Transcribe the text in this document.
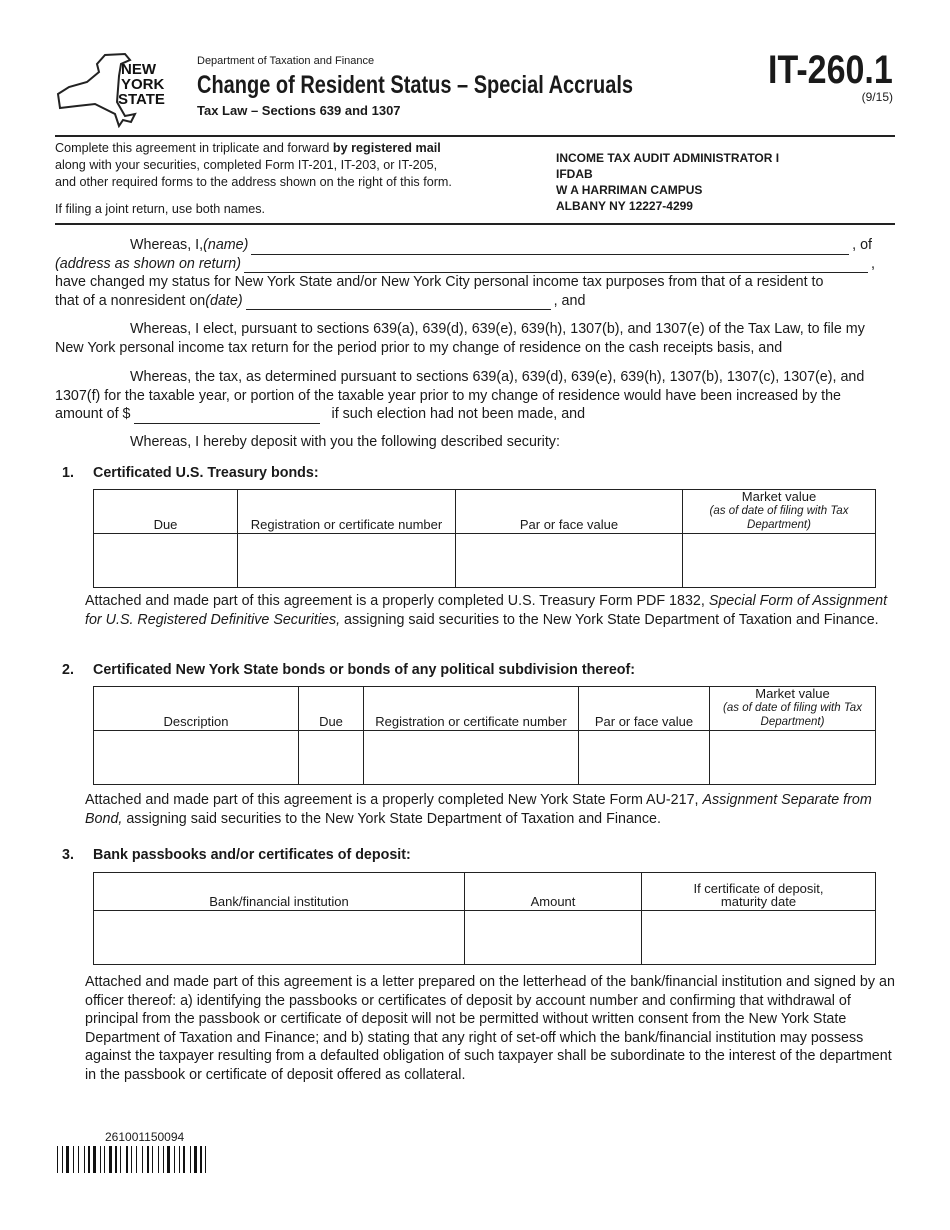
NEW
YORK
STATE
Department of Taxation and Finance
Change of Resident Status – Special Accruals
Tax Law – Sections 639 and 1307
IT-260.1
(9/15)
Complete this agreement in triplicate and forward by registered mail
along with your securities, completed Form IT-201, IT-203, or IT-205,
and other required forms to the address shown on the right of this form.
If filing a joint return, use both names.
INCOME TAX AUDIT ADMINISTRATOR I
IFDAB
W A HARRIMAN CAMPUS
ALBANY NY 12227-4299
Whereas, I, (name)	, of
(address as shown on return)	,
have changed my status for New York State and/or New York City personal income tax purposes from that of a resident to
that of a nonresident on (date)	, and
Whereas, I elect, pursuant to sections 639(a), 639(d), 639(e), 639(h), 1307(b), and 1307(e) of the Tax Law, to file my
New York personal income tax return for the period prior to my change of residence on the cash receipts basis, and
Whereas, the tax, as determined pursuant to sections 639(a), 639(d), 639(e), 639(h), 1307(b), 1307(c), 1307(e), and
1307(f) for the taxable year, or portion of the taxable year prior to my change of residence would have been increased by the
amount of $	if such election had not been made, and
Whereas, I hereby deposit with you the following described security:
1. Certificated U.S. Treasury bonds:
Due	Registration or certificate number	Par or face value	Market value
(as of date of filing with Tax Department)

Attached and made part of this agreement is a properly completed U.S. Treasury Form PDF 1832, Special Form of Assignment for U.S. Registered Definitive Securities, assigning said securities to the New York State Department of Taxation and Finance.
2. Certificated New York State bonds or bonds of any political subdivision thereof:
Description	Due	Registration or certificate number	Par or face value	Market value
(as of date of filing with Tax Department)

Attached and made part of this agreement is a properly completed New York State Form AU-217, Assignment Separate from Bond, assigning said securities to the New York State Department of Taxation and Finance.
3. Bank passbooks and/or certificates of deposit:
Bank/financial institution	Amount	If certificate of deposit, maturity date

Attached and made part of this agreement is a letter prepared on the letterhead of the bank/financial institution and signed by an officer thereof: a) identifying the passbooks or certificates of deposit by account number and confirming that withdrawal of principal from the passbook or certificate of deposit will not be permitted without written consent from the New York State Department of Taxation and Finance; and b) stating that any right of set-off which the bank/financial institution may possess against the taxpayer resulting from a defaulted obligation of such taxpayer shall be subordinate to the interest of the department in the passbook or certificate of deposit offered as collateral.
261001150094
